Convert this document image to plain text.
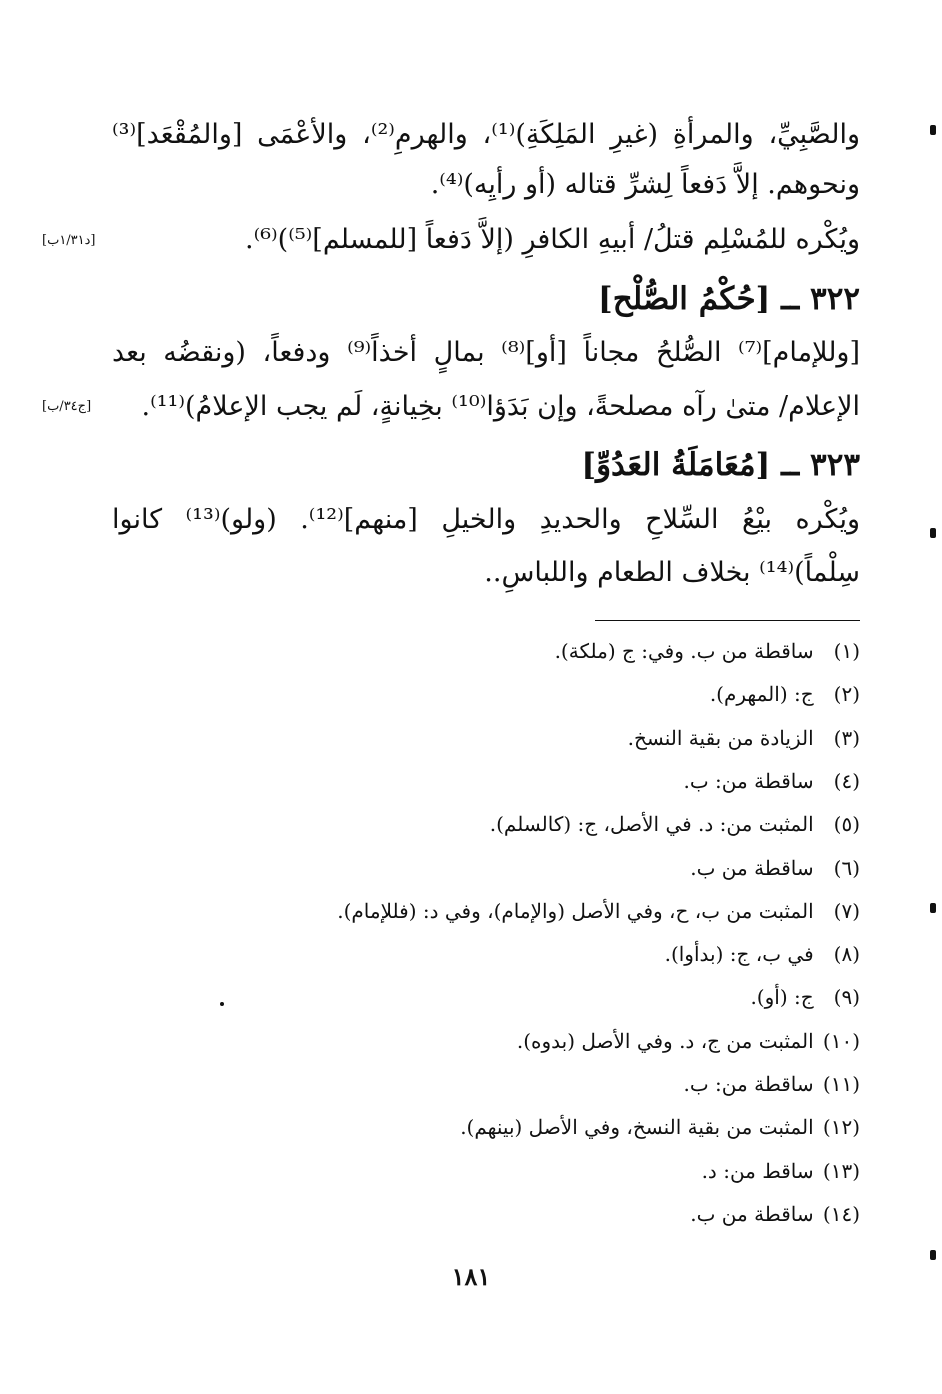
والصَّبِيِّ، والمرأةِ (غيرِ المَلِكَةِ)⁽¹⁾، والهرمِ⁽²⁾، والأعْمَى [والمُقْعَد]⁽³⁾
ونحوهم. إلاَّ دَفعاً لِشرِّ قتاله (أو رأيِه)⁽⁴⁾.
ويُكْره للمُسْلِم قتلُ/ أبيهِ الكافرِ (إلاَّ دَفعاً [للمسلم]⁽⁵⁾)⁽⁶⁾.
[د١/٣١ب]
٣٢٢ ــ [حُكْمُ الصُّلْح]
[وللإمام]⁽⁷⁾ الصُّلحُ مجاناً [أو]⁽⁸⁾ بمالٍ أخذاً⁽⁹⁾ ودفعاً، (ونقضُه بعد
الإعلام/ متىٰ رآه مصلحةً، وإن بَدَؤا⁽¹⁰⁾ بخِيانةٍ، لَم يجب الإعلامُ)⁽¹¹⁾.
[ج٣٤/ب]
٣٢٣ ــ [مُعَامَلَةُ العَدُوِّ]
ويُكْره بيْعُ السِّلاحِ والحديدِ والخيلِ [منهم]⁽¹²⁾. (ولو)⁽¹³⁾ كانوا
سِلْماً)⁽¹⁴⁾ بخلاف الطعام واللباسِ..
(١) ساقطة من ب. وفي: ج (ملكة).
(٢) ج: (المهرم).
(٣) الزيادة من بقية النسخ.
(٤) ساقطة من: ب.
(٥) المثبت من: د. في الأصل، ج: (كالسلم).
(٦) ساقطة من ب.
(٧) المثبت من ب، ح، وفي الأصل (والإمام)، وفي د: (فللإمام).
(٨) في ب، ج: (بدأوا).
(٩) ج: (أو).
(١٠) المثبت من ج، د. وفي الأصل (بدوه).
(١١) ساقطة من: ب.
(١٢) المثبت من بقية النسخ، وفي الأصل (بينهم).
(١٣) ساقط من: د.
(١٤) ساقطة من ب.
١٨١
